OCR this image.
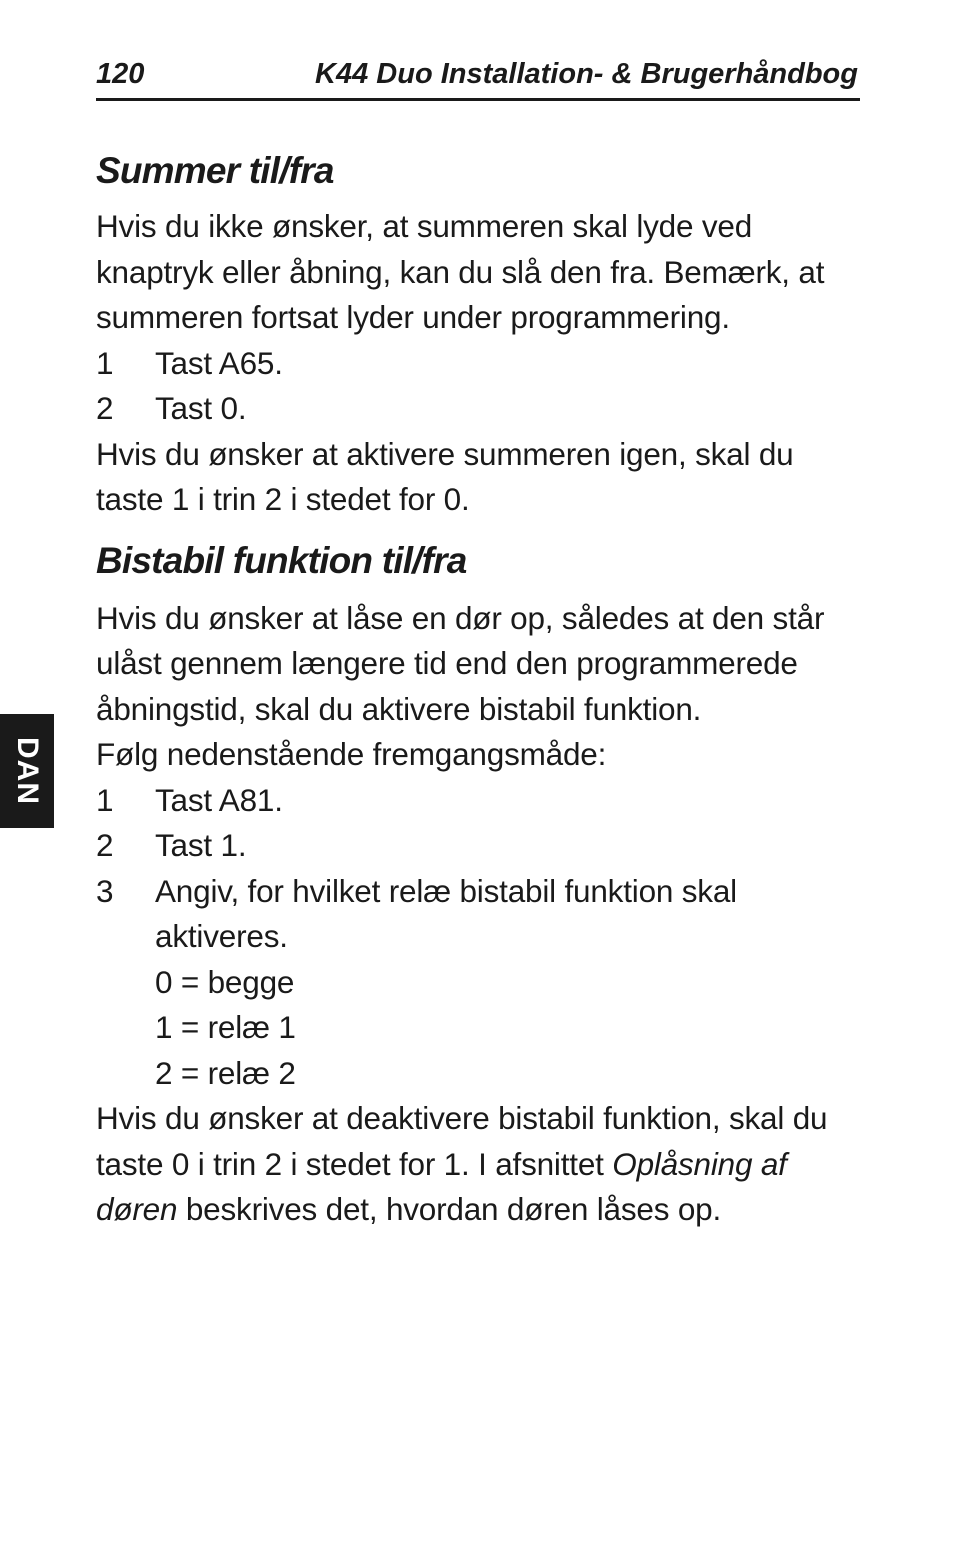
120	K44 Duo Installation- & Brugerhåndbog
DAN
Summer til/fra

Hvis du ikke ønsker, at summeren skal lyde ved knaptryk eller åbning, kan du slå den fra. Bemærk, at summeren fortsat lyder under programmering.

1	Tast A65.
2	Tast 0.

Hvis du ønsker at aktivere summeren igen, skal du taste 1 i trin 2 i stedet for 0.

Bistabil funktion til/fra

Hvis du ønsker at låse en dør op, således at den står ulåst gennem længere tid end den programmerede åbningstid, skal du aktivere bistabil funktion.

Følg nedenstående fremgangsmåde:

1	Tast A81.
2	Tast 1.
3	Angiv, for hvilket relæ bistabil funktion skal aktiveres.
0 = begge
1 = relæ 1
2 = relæ 2

Hvis du ønsker at deaktivere bistabil funktion, skal du taste 0 i trin 2 i stedet for 1. I afsnittet Oplåsning af døren beskrives det, hvordan døren låses op.
